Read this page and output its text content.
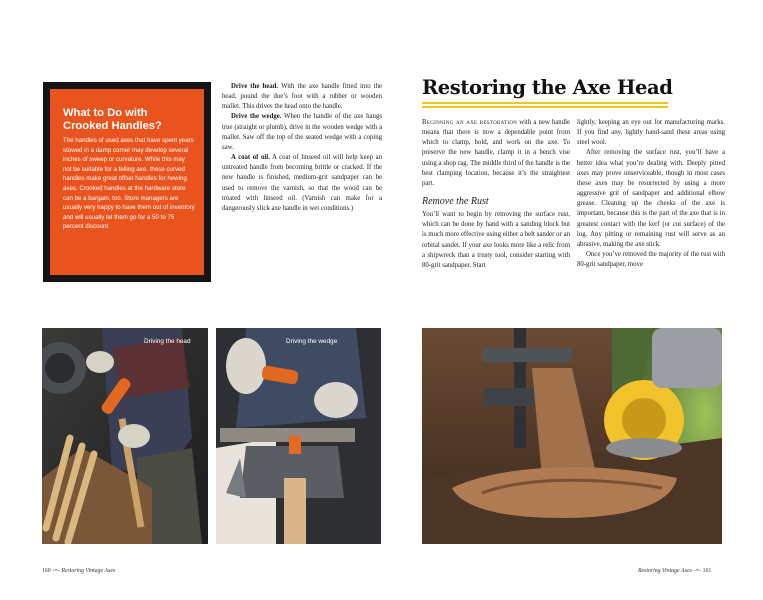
What to Do with Crooked Handles?

The handles of used axes that have spent years stowed in a damp corner may develop several inches of sweep or curvature. While this may not be suitable for a felling axe, these curved handles make great offset handles for hewing axes. Crooked handles at the hardware store can be a bargain, too. Store managers are usually very happy to have them out of inventory and will usually let them go for a 50 to 75 percent discount.

Drive the head. With the axe handle fitted into the head, pound the doe’s foot with a rubber or wooden mallet. This drives the head onto the handle.

Drive the wedge. When the handle of the axe hangs true (straight or plumb), drive in the wooden wedge with a mallet. Saw off the top of the seated wedge with a coping saw.

A coat of oil. A coat of linseed oil will help keep an untreated handle from becoming brittle or cracked. If the new handle is finished, medium-grit sandpaper can be used to remove the varnish, so that the wood can be treated with linseed oil. (Varnish can make for a dangerously slick axe handle in wet conditions.)

Driving the head	Driving the wedge
160 –•– Restoring Vintage Axes
Restoring the Axe Head

Beginning an axe restoration with a new handle means that there is now a dependable point from which to clamp, hold, and work on the axe. To preserve the new handle, clamp it in a bench vise using a shop rag. The middle third of the handle is the best clamping location, because it’s the straightest part.

Remove the Rust

You’ll want to begin by removing the surface rust, which can be done by hand with a sanding block but is much more effective using either a belt sander or an orbital sander. If your axe looks more like a relic from a shipwreck than a trusty tool, consider starting with 80-grit sandpaper. Start

lightly, keeping an eye out for manufacturing marks. If you find any, lightly hand-sand these areas using steel wool.

After removing the surface rust, you’ll have a better idea what you’re dealing with. Deeply pitted axes may prove unserviceable, though in most cases these axes may be resurrected by using a more aggressive grit of sandpaper and additional elbow grease. Cleaning up the cheeks of the axe is important, because this is the part of the axe that is in greatest contact with the kerf (or cut surface) of the log. Any pitting or remaining rust will serve as an abrasive, making the axe stick.

Once you’ve removed the majority of the rust with 80-grit sandpaper, move

Restoring Vintage Axes –•– 161
